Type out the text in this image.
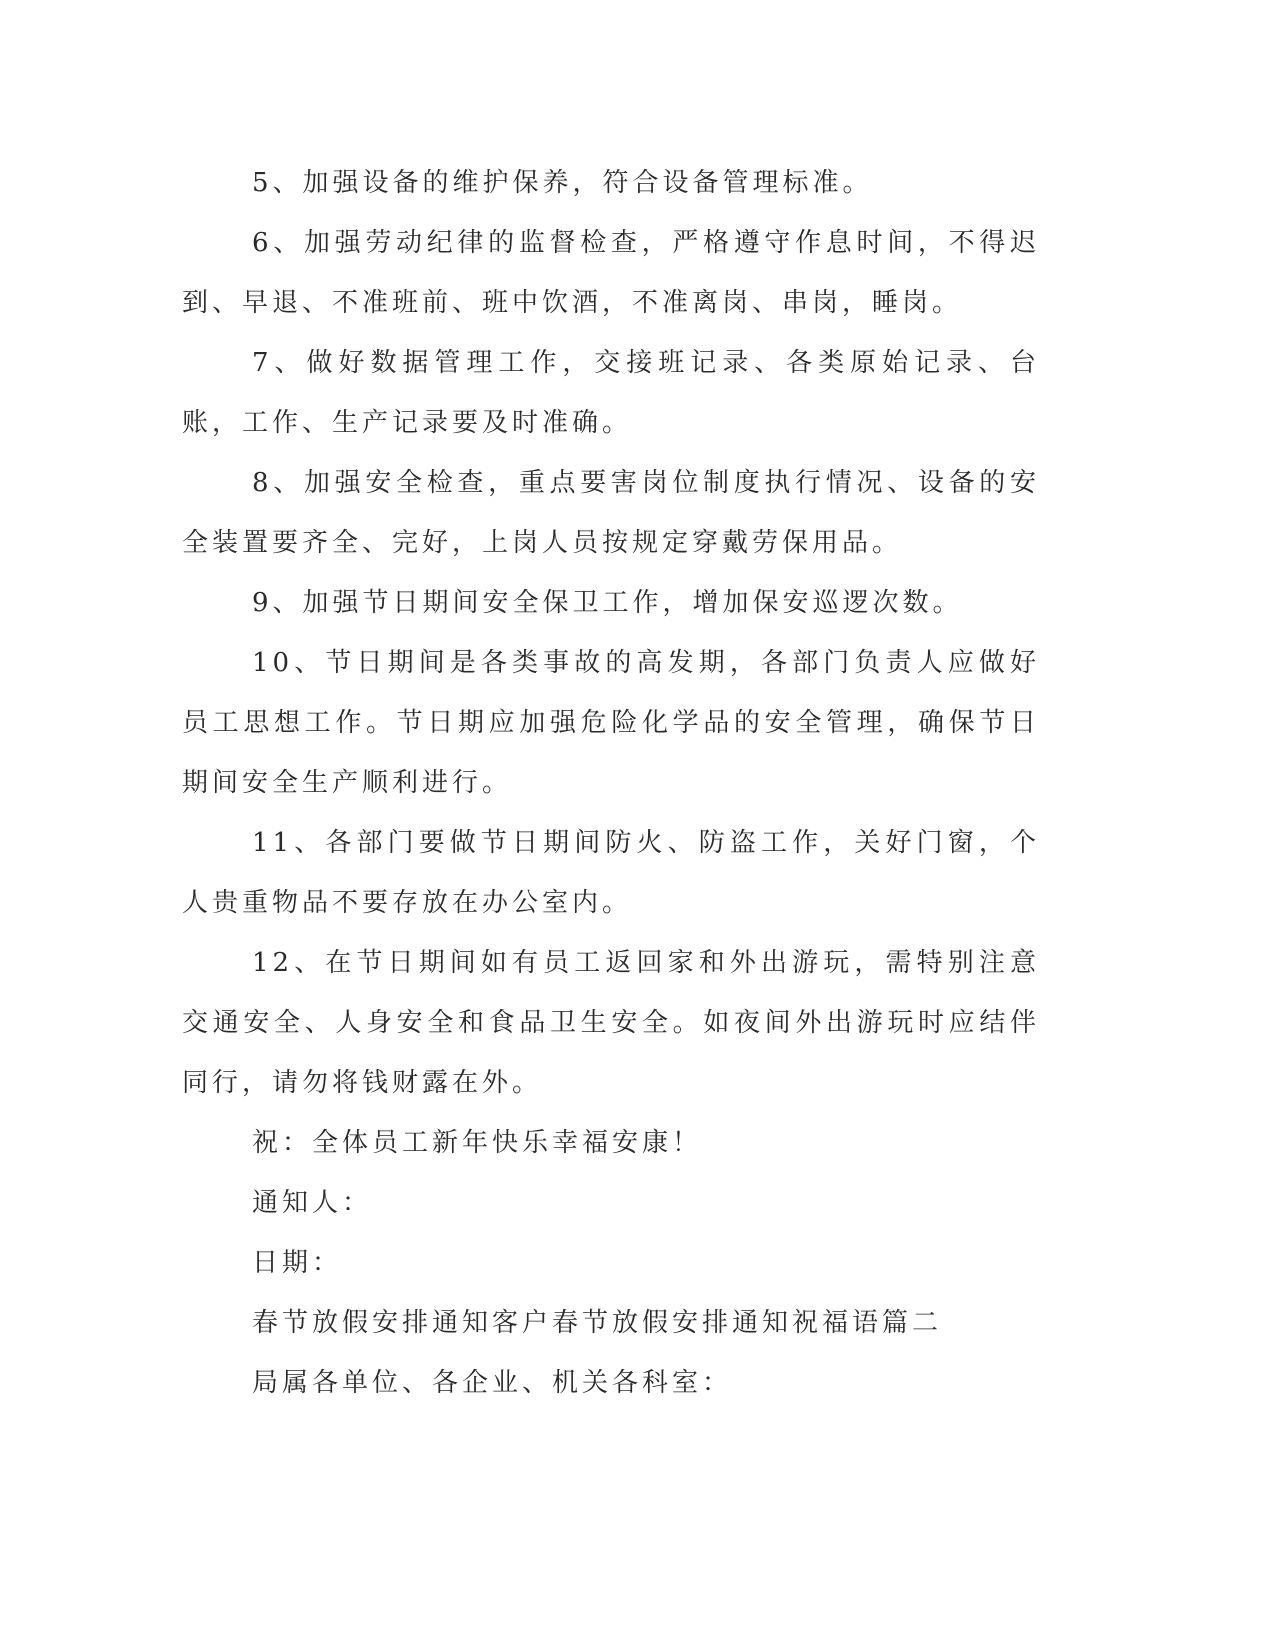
5、加强设备的维护保养，符合设备管理标准。

6、加强劳动纪律的监督检查，严格遵守作息时间，不得迟到、早退、不准班前、班中饮酒，不准离岗、串岗，睡岗。

7、做好数据管理工作，交接班记录、各类原始记录、台账，工作、生产记录要及时准确。

8、加强安全检查，重点要害岗位制度执行情况、设备的安全装置要齐全、完好，上岗人员按规定穿戴劳保用品。

9、加强节日期间安全保卫工作，增加保安巡逻次数。

10、节日期间是各类事故的高发期，各部门负责人应做好员工思想工作。节日期应加强危险化学品的安全管理，确保节日期间安全生产顺利进行。

11、各部门要做节日期间防火、防盗工作，关好门窗，个人贵重物品不要存放在办公室内。

12、在节日期间如有员工返回家和外出游玩，需特别注意交通安全、人身安全和食品卫生安全。如夜间外出游玩时应结伴同行，请勿将钱财露在外。

祝：全体员工新年快乐幸福安康！

通知人：

日期：

春节放假安排通知客户春节放假安排通知祝福语篇二

局属各单位、各企业、机关各科室：
